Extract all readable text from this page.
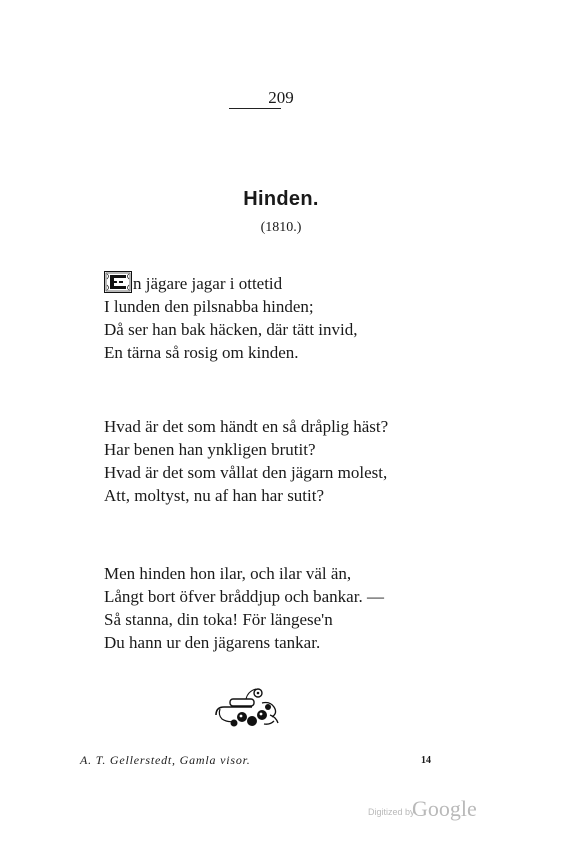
209
Hinden.
(1810.)
n jägare jagar i ottetid
I lunden den pilsnabba hinden;
Då ser han bak häcken, där tätt invid,
En tärna så rosig om kinden.
Hvad är det som händt en så dråplig häst?
Har benen han ynkligen brutit?
Hvad är det som vållat den jägarn molest,
Att, moltyst, nu af han har sutit?
Men hinden hon ilar, och ilar väl än,
Långt bort öfver bråddjup och bankar. —
Så stanna, din toka! För längese'n
Du hann ur den jägarens tankar.
A. T. Gellerstedt, Gamla visor.	14
Digitized by
Google
